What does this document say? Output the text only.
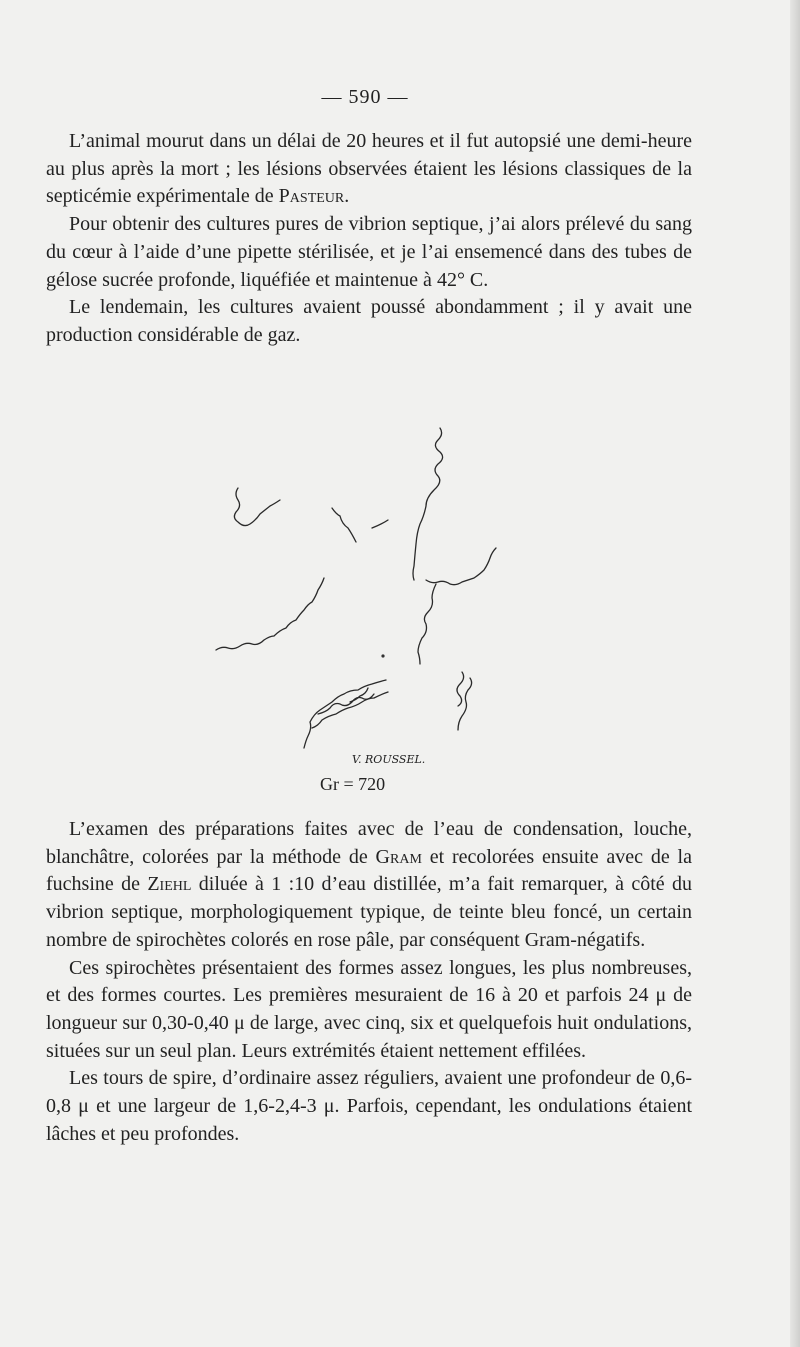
— 590 —

L’animal mourut dans un délai de 20 heures et il fut autopsié une demi-heure au plus après la mort ; les lésions observées étaient les lésions classiques de la septicémie expérimentale de Pasteur.

Pour obtenir des cultures pures de vibrion septique, j’ai alors prélevé du sang du cœur à l’aide d’une pipette stérilisée, et je l’ai ensemencé dans des tubes de gélose sucrée profonde, liquéfiée et maintenue à 42° C.

Le lendemain, les cultures avaient poussé abondamment ; il y avait une production considérable de gaz.

V. ROUSSEL.
Gr = 720

L’examen des préparations faites avec de l’eau de condensation, louche, blanchâtre, colorées par la méthode de Gram et recolorées ensuite avec de la fuchsine de Ziehl diluée à 1 :10 d’eau distillée, m’a fait remarquer, à côté du vibrion septique, morphologiquement typique, de teinte bleu foncé, un certain nombre de spirochètes colorés en rose pâle, par conséquent Gram-négatifs.

Ces spirochètes présentaient des formes assez longues, les plus nombreuses, et des formes courtes. Les premières mesuraient de 16 à 20 et parfois 24 μ de longueur sur 0,30-0,40 μ de large, avec cinq, six et quelquefois huit ondulations, situées sur un seul plan. Leurs extrémités étaient nettement effilées.

Les tours de spire, d’ordinaire assez réguliers, avaient une profondeur de 0,6-0,8 μ et une largeur de 1,6-2,4-3 μ. Parfois, cependant, les ondulations étaient lâches et peu profondes.
